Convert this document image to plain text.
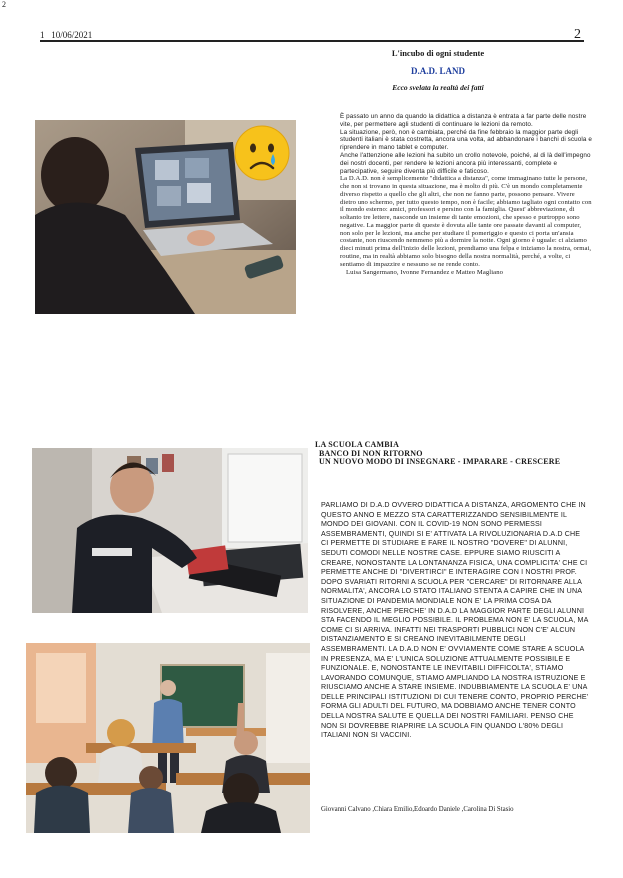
2
1   10/06/2021	2
L'incubo di ogni studente
D.A.D. LAND
Ecco svelata la realtà dei fatti

È passato un anno da quando la didattica a distanza è entrata a far parte delle nostre vite, per permettere agli studenti di continuare le lezioni da remoto.

La situazione, però, non è cambiata, perché da fine febbraio la maggior parte degli studenti italiani è stata costretta, ancora una volta, ad abbandonare i banchi di scuola e riprendere in mano tablet e computer.

Anche l'attenzione alle lezioni ha subito un crollo notevole, poiché, al di là dell'impegno dei nostri docenti, per rendere le lezioni ancora più interessanti, complete e partecipative, seguire diventa più difficile e faticoso.

La D.A.D. non è semplicemente "didattica a distanza", come immaginano tutte le persone, che non si trovano in questa situazione, ma è molto di più. C'è un mondo completamente diverso rispetto a quello che gli altri, che non ne fanno parte, possono pensare. Vivere dietro uno schermo, per tutto questo tempo, non è facile; abbiamo tagliato ogni contatto con il mondo esterno: amici, professori e persino con la famiglia. Quest' abbreviazione, di soltanto tre lettere, nasconde un insieme di tante emozioni, che spesso e purtroppo sono negative. La maggior parte di queste è dovuta alle tante ore passate davanti al computer, non solo per le lezioni, ma anche per studiare il pomeriggio e questo ci porta un'ansia costante, non riuscendo nemmeno più a dormire la notte. Ogni giorno è uguale: ci alziamo dieci minuti prima dell'inizio delle lezioni, prendiamo una felpa e iniziamo la nostra, ormai, routine, ma in realtà abbiamo solo bisogno della nostra normalità, perché, a volte, ci sentiamo di impazzire e nessuno se ne rende conto.

Luisa Sangermano, Ivonne Fernandez e Matteo Magliano

LA SCUOLA CAMBIA
BANCO DI NON RITORNO
UN NUOVO MODO DI INSEGNARE - IMPARARE - CRESCERE
PARLIAMO DI D.A.D OVVERO DIDATTICA A DISTANZA, ARGOMENTO CHE IN QUESTO ANNO E MEZZO STA CARATTERIZZANDO SENSIBILMENTE IL MONDO DEI GIOVANI. CON IL COVID-19 NON SONO PERMESSI ASSEMBRAMENTI, QUINDI SI E' ATTIVATA LA RIVOLUZIONARIA D.A.D CHE CI PERMETTE DI STUDIARE E FARE IL NOSTRO "DOVERE" DI ALUNNI, SEDUTI COMODI NELLE NOSTRE CASE. EPPURE SIAMO RIUSCITI A CREARE, NONOSTANTE LA LONTANANZA FISICA, UNA COMPLICITA' CHE CI PERMETTE ANCHE DI "DIVERTIRCI" E INTERAGIRE CON I NOSTRI PROF. DOPO SVARIATI RITORNI A SCUOLA PER "CERCARE" DI RITORNARE ALLA NORMALITA', ANCORA LO STATO ITALIANO STENTA A CAPIRE CHE IN UNA SITUAZIONE DI PANDEMIA MONDIALE NON E' LA PRIMA COSA DA RISOLVERE, ANCHE PERCHE' IN D.A.D LA MAGGIOR PARTE DEGLI ALUNNI STA FACENDO IL MEGLIO POSSIBILE. IL PROBLEMA NON E' LA SCUOLA, MA COME CI SI ARRIVA. INFATTI NEI TRASPORTI PUBBLICI NON C'E' ALCUN DISTANZIAMENTO E SI CREANO INEVITABILMENTE DEGLI ASSEMBRAMENTI. LA D.A.D NON E' OVVIAMENTE COME STARE A SCUOLA IN PRESENZA, MA E' L'UNICA SOLUZIONE ATTUALMENTE POSSIBILE E FUNZIONALE. E, NONOSTANTE LE INEVITABILI DIFFICOLTA', STIAMO LAVORANDO COMUNQUE, STIAMO AMPLIANDO LA NOSTRA ISTRUZIONE E RIUSCIAMO ANCHE A STARE INSIEME. INDUBBIAMENTE LA SCUOLA E' UNA DELLE PRINCIPALI ISTITUZIONI DI CUI TENERE CONTO, PROPRIO PERCHE' FORMA GLI ADULTI DEL FUTURO, MA DOBBIAMO ANCHE TENER CONTO DELLA NOSTRA SALUTE E QUELLA DEI NOSTRI FAMILIARI. PENSO CHE NON SI DOVREBBE RIAPRIRE LA SCUOLA FIN QUANDO L'80% DEGLI ITALIANI NON SI VACCINI.
Giovanni Calvano ,Chiara Emilio,Edoardo Daniele ,Carolina Di Stasio
